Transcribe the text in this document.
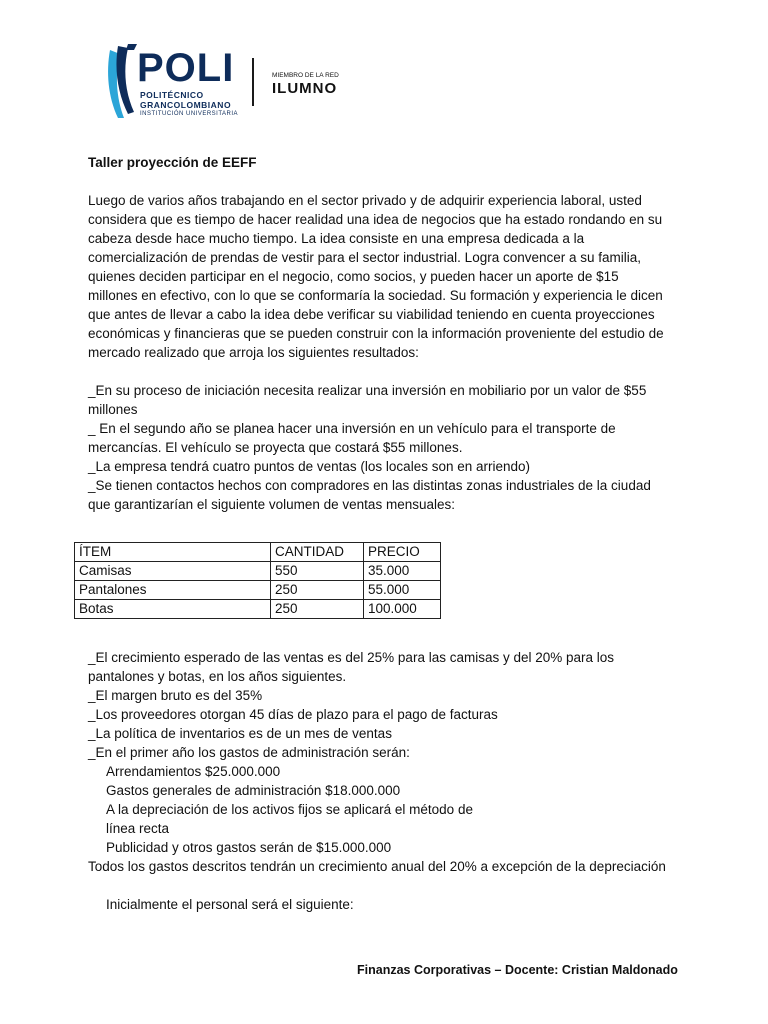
POLI
POLITÉCNICO
GRANCOLOMBIANO
INSTITUCIÓN UNIVERSITARIA
MIEMBRO DE LA RED
ILUMNO

Taller proyección de EEFF

Luego de varios años trabajando en el sector privado y de adquirir experiencia laboral, usted considera que es tiempo de hacer realidad una idea de negocios que ha estado rondando en su cabeza desde hace mucho tiempo. La idea consiste en una empresa dedicada a la comercialización de prendas de vestir para el sector industrial. Logra convencer a su familia, quienes deciden participar en el negocio, como socios, y pueden hacer un aporte de $15 millones en efectivo, con lo que se conformaría la sociedad. Su formación y experiencia le dicen que antes de llevar a cabo la idea debe verificar su viabilidad teniendo en cuenta proyecciones económicas y financieras que se pueden construir con la información proveniente del estudio de mercado realizado que arroja los siguientes resultados:

_En su proceso de iniciación necesita realizar una inversión en mobiliario por un valor de $55 millones

_ En el segundo año se planea hacer una inversión en un vehículo para el transporte de mercancías. El vehículo se proyecta que costará $55 millones.

_La empresa tendrá cuatro puntos de ventas (los locales son en arriendo)

_Se tienen contactos hechos con compradores en las distintas zonas industriales de la ciudad que garantizarían el siguiente volumen de ventas mensuales:

ÍTEM	CANTIDAD	PRECIO
Camisas	550	35.000
Pantalones	250	55.000
Botas	250	100.000

_El crecimiento esperado de las ventas es del 25% para las camisas y del 20% para los pantalones y botas, en los años siguientes.

_El margen bruto es del 35%

_Los proveedores otorgan 45 días de plazo para el pago de facturas

_La política de inventarios es de un mes de ventas

_En el primer año los gastos de administración serán:

Arrendamientos $25.000.000

Gastos generales de administración $18.000.000

A la depreciación de los activos fijos se aplicará el método de

línea recta

Publicidad y otros gastos serán de $15.000.000

Todos los gastos descritos tendrán un crecimiento anual del 20% a excepción de la depreciación

Inicialmente el personal será el siguiente:

Finanzas Corporativas – Docente: Cristian Maldonado
